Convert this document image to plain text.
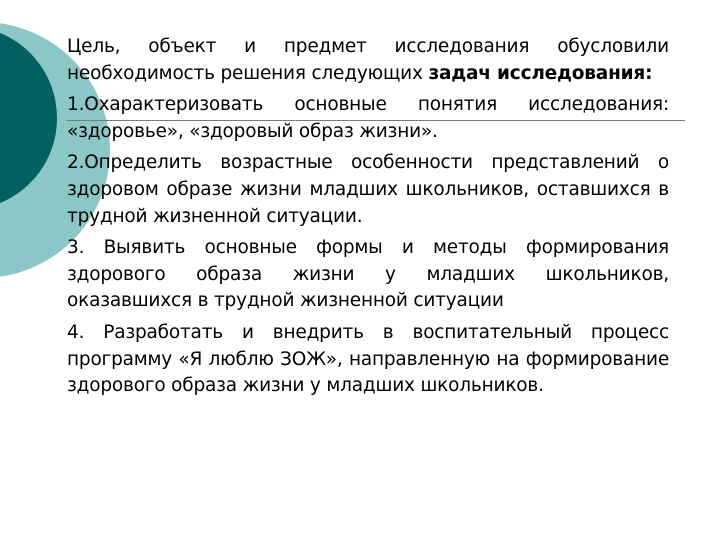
Цель, объект и предмет исследования обусловили необходимость решения следующих задач исследования:

1.Охарактеризовать основные понятия исследования: «здоровье», «здоровый образ жизни».

2.Определить возрастные особенности представлений о здоровом образе жизни младших школьников, оставшихся в трудной жизненной ситуации.

3. Выявить основные формы и методы формирования здорового образа жизни у младших школьников, оказавшихся в трудной жизненной ситуации

4. Разработать и внедрить в воспитательный процесс программу «Я люблю ЗОЖ», направленную на формирование здорового образа жизни у младших школьников.
